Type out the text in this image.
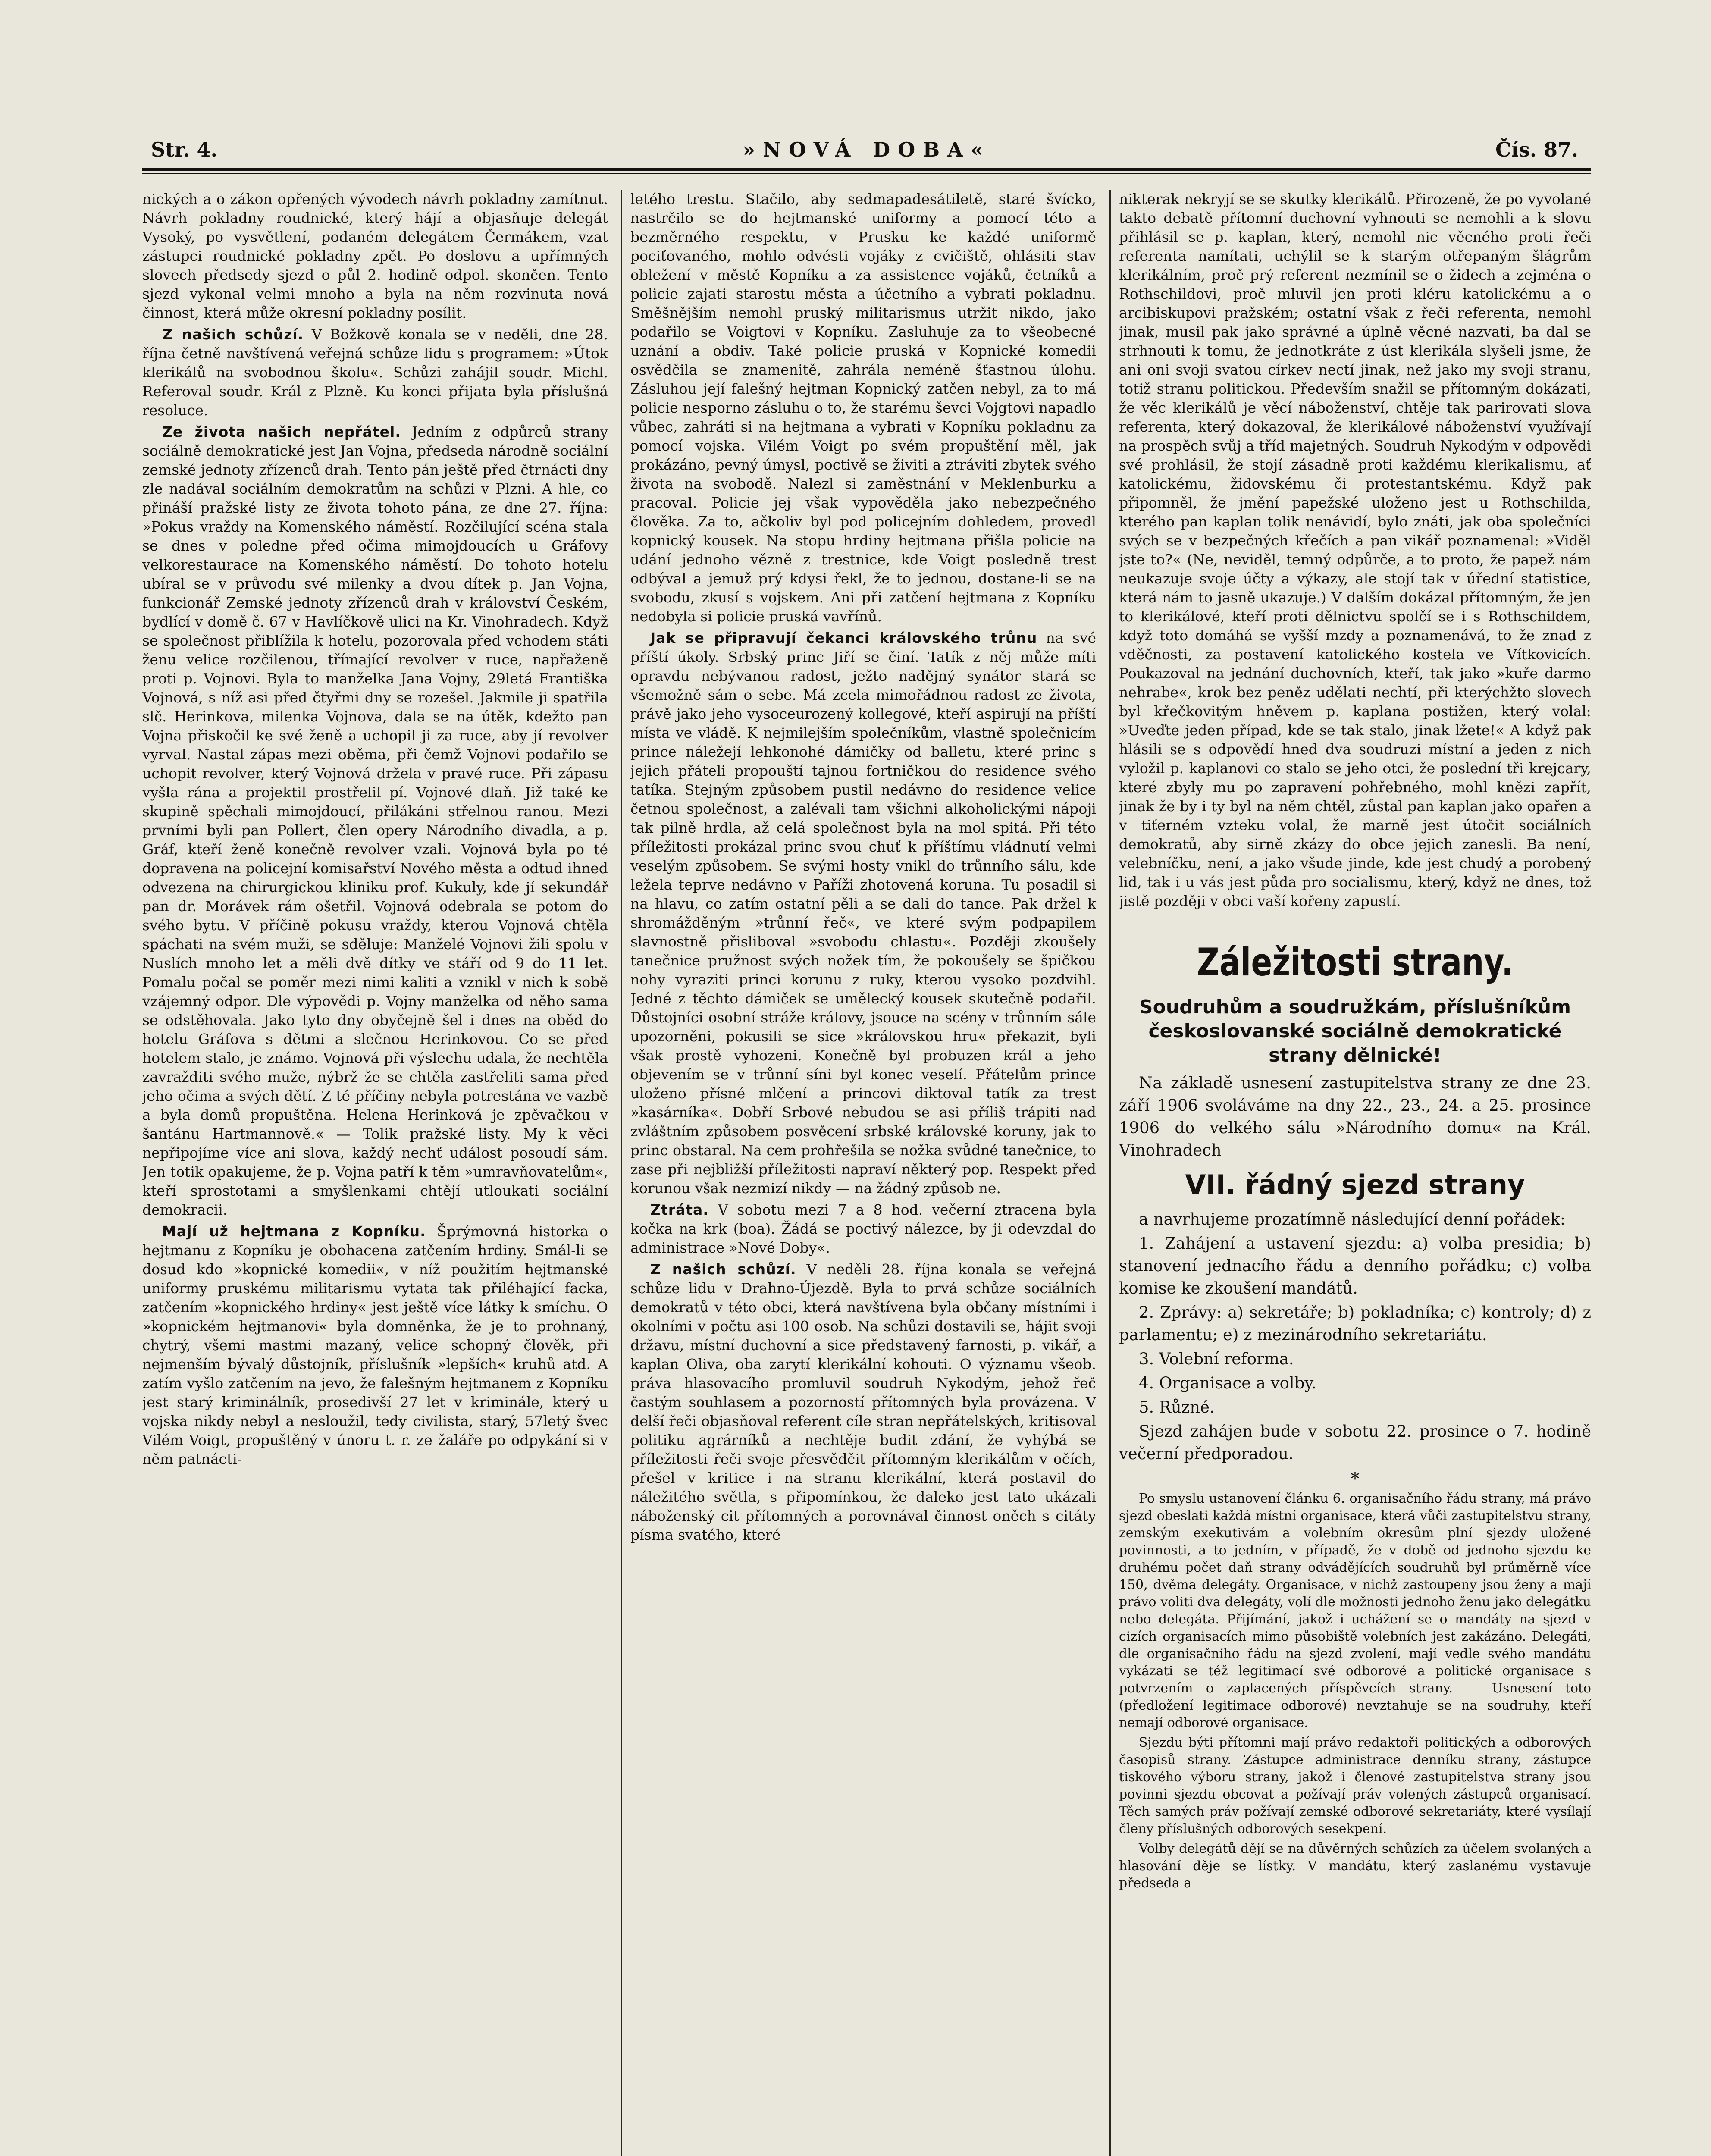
»NOVÁ DOBA«
Str. 4.	Čís. 87.

nických a o zákon opřených vývodech návrh pokladny zamítnut. Návrh pokladny roudnické, který hájí a objasňuje delegát Vysoký, po vysvětlení, podaném delegátem Čermákem, vzat zástupci roudnické pokladny zpět. Po doslovu a upřímných slovech předsedy sjezd o půl 2. hodině odpol. skončen. Tento sjezd vykonal velmi mnoho a byla na něm rozvinuta nová činnost, která může okresní pokladny posílit.

Z našich schůzí. V Božkově konala se v neděli, dne 28. října četně navštívená veřejná schůze lidu s programem: »Útok klerikálů na svobodnou školu«. Schůzi zahájil soudr. Michl. Referoval soudr. Král z Plzně. Ku konci přijata byla příslušná resoluce.

Ze života našich nepřátel. Jedním z odpůrců strany sociálně demokratické jest Jan Vojna, předseda národně sociální zemské jednoty zřízenců drah. Tento pán ještě před čtrnácti dny zle nadával sociálním demokratům na schůzi v Plzni. A hle, co přináší pražské listy ze života tohoto pána, ze dne 27. října: »Pokus vraždy na Komenského náměstí. Rozčilující scéna stala se dnes v poledne před očima mimojdoucích u Gráfovy velkorestaurace na Komenského náměstí. Do tohoto hotelu ubíral se v průvodu své milenky a dvou dítek p. Jan Vojna, funkcionář Zemské jednoty zřízenců drah v království Českém, bydlící v domě č. 67 v Havlíčkově ulici na Kr. Vinohradech. Když se společnost přiblížila k hotelu, pozorovala před vchodem státi ženu velice rozčilenou, třímající revolver v ruce, napřaženě proti p. Vojnovi. Byla to manželka Jana Vojny, 29letá Františka Vojnová, s níž asi před čtyřmi dny se rozešel. Jakmile ji spatřila slč. Herinkova, milenka Vojnova, dala se na útěk, kdežto pan Vojna přiskočil ke své ženě a uchopil ji za ruce, aby jí revolver vyrval. Nastal zápas mezi oběma, při čemž Vojnovi podařilo se uchopit revolver, který Vojnová držela v pravé ruce. Při zápasu vyšla rána a projektil prostřelil pí. Vojnové dlaň. Již také ke skupině spěchali mimojdoucí, přilákáni střelnou ranou. Mezi prvními byli pan Pollert, člen opery Národního divadla, a p. Gráf, kteří ženě konečně revolver vzali. Vojnová byla po té dopravena na policejní komisařství Nového města a odtud ihned odvezena na chirurgickou kliniku prof. Kukuly, kde jí sekundář pan dr. Morávek rám ošetřil. Vojnová odebrala se potom do svého bytu. V příčině pokusu vraždy, kterou Vojnová chtěla spáchati na svém muži, se sděluje: Manželé Vojnovi žili spolu v Nuslích mnoho let a měli dvě dítky ve stáří od 9 do 11 let. Pomalu počal se poměr mezi nimi kaliti a vznikl v nich k sobě vzájemný odpor. Dle výpovědi p. Vojny manželka od něho sama se odstěhovala. Jako tyto dny obyčejně šel i dnes na oběd do hotelu Gráfova s dětmi a slečnou Herinkovou. Co se před hotelem stalo, je známo. Vojnová při výslechu udala, že nechtěla zavražditi svého muže, nýbrž že se chtěla zastřeliti sama před jeho očima a svých dětí. Z té příčiny nebyla potrestána ve vazbě a byla domů propuštěna. Helena Herinková je zpěvačkou v šantánu Hartmannově.« — Tolik pražské listy. My k věci nepřipojíme více ani slova, každý nechť událost posoudí sám. Jen totik opakujeme, že p. Vojna patří k těm »umravňovatelům«, kteří sprostotami a smyšlenkami chtějí utloukati sociální demokracii.

Mají už hejtmana z Kopníku. Šprýmovná historka o hejtmanu z Kopníku je obohacena zatčením hrdiny. Smál-li se dosud kdo »kopnické komedii«, v níž použitím hejtmanské uniformy pruskému militarismu vytata tak přiléhající facka, zatčením »kopnického hrdiny« jest ještě více látky k smíchu. O »kopnickém hejtmanovi« byla domněnka, že je to prohnaný, chytrý, všemi mastmi mazaný, velice schopný člověk, při nejmenším bývalý důstojník, příslušník »lepších« kruhů atd. A zatím vyšlo zatčením na jevo, že falešným hejtmanem z Kopníku jest starý kriminálník, prosedivší 27 let v kriminále, který u vojska nikdy nebyl a nesloužil, tedy civilista, starý, 57letý švec Vilém Voigt, propuštěný v únoru t. r. ze žaláře po odpykání si v něm patnácti-

letého trestu. Stačilo, aby sedmapadesátiletě, staré švícko, nastrčilo se do hejtmanské uniformy a pomocí této a bezměrného respektu, v Prusku ke každé uniformě pociťovaného, mohlo odvésti vojáky z cvičiště, ohlásiti stav obležení v městě Kopníku a za assistence vojáků, četníků a policie zajati starostu města a účetního a vybrati pokladnu. Směšnějším nemohl pruský militarismus utržit nikdo, jako podařilo se Voigtovi v Kopníku. Zasluhuje za to všeobecné uznání a obdiv. Také policie pruská v Kopnické komedii osvědčila se znamenitě, zahrála neméně šťastnou úlohu. Zásluhou její falešný hejtman Kopnický zatčen nebyl, za to má policie nesporno zásluhu o to, že starému ševci Vojgtovi napadlo vůbec, zahráti si na hejtmana a vybrati v Kopníku pokladnu za pomocí vojska. Vilém Voigt po svém propuštění měl, jak prokázáno, pevný úmysl, poctivě se živiti a ztráviti zbytek svého života na svobodě. Nalezl si zaměstnání v Meklenburku a pracoval. Policie jej však vypověděla jako nebezpečného člověka. Za to, ačkoliv byl pod policejním dohledem, provedl kopnický kousek. Na stopu hrdiny hejtmana přišla policie na udání jednoho vězně z trestnice, kde Voigt posledně trest odbýval a jemuž prý kdysi řekl, že to jednou, dostane-li se na svobodu, zkusí s vojskem. Ani při zatčení hejtmana z Kopníku nedobyla si policie pruská vavřínů.

Jak se připravují čekanci královského trůnu na své příští úkoly. Srbský princ Jiří se činí. Tatík z něj může míti opravdu nebývanou radost, ježto nadějný synátor stará se všemožně sám o sebe. Má zcela mimořádnou radost ze života, právě jako jeho vysoceurozený kollegové, kteří aspirují na příští místa ve vládě. K nejmilejším společníkům, vlastně společnicím prince náležejí lehkonohé dámičky od balletu, které princ s jejich přáteli propouští tajnou fortničkou do residence svého tatíka. Stejným způsobem pustil nedávno do residence velice četnou společnost, a zalévali tam všichni alkoholickými nápoji tak pilně hrdla, až celá společnost byla na mol spitá. Při této příležitosti prokázal princ svou chuť k příštímu vládnutí velmi veselým způsobem. Se svými hosty vnikl do trůnního sálu, kde ležela teprve nedávno v Paříži zhotovená koruna. Tu posadil si na hlavu, co zatím ostatní pěli a se dali do tance. Pak držel k shromážděným »trůnní řeč«, ve které svým podpapilem slavnostně přisliboval »svobodu chlastu«. Později zkoušely tanečnice pružnost svých nožek tím, že pokoušely se špičkou nohy vyraziti princi korunu z ruky, kterou vysoko pozdvihl. Jedné z těchto dámiček se umělecký kousek skutečně podařil. Důstojníci osobní stráže královy, jsouce na scény v trůnním sále upozorněni, pokusili se sice »královskou hru« překazit, byli však prostě vyhozeni. Konečně byl probuzen král a jeho objevením se v trůnní síni byl konec veselí. Přátelům prince uloženo přísné mlčení a princovi diktoval tatík za trest »kasárníka«. Dobří Srbové nebudou se asi příliš trápiti nad zvláštním způsobem posvěcení srbské královské koruny, jak to princ obstaral. Na cem prohřešila se nožka svůdné tanečnice, to zase při nejbližší příležitosti napraví některý pop. Respekt před korunou však nezmizí nikdy — na žádný způsob ne.

Ztráta. V sobotu mezi 7 a 8 hod. večerní ztracena byla kočka na krk (boa). Žádá se poctivý nálezce, by ji odevzdal do administrace »Nové Doby«.

Z našich schůzí. V neděli 28. října konala se veřejná schůze lidu v Drahno-Újezdě. Byla to prvá schůze sociálních demokratů v této obci, která navštívena byla občany místními i okolními v počtu asi 100 osob. Na schůzi dostavili se, hájit svoji državu, místní duchovní a sice představený farnosti, p. vikář, a kaplan Oliva, oba zarytí klerikální kohouti. O významu všeob. práva hlasovacího promluvil soudruh Nykodým, jehož řeč častým souhlasem a pozorností přítomných byla provázena. V delší řeči objasňoval referent cíle stran nepřátelských, kritisoval politiku agrárníků a nechtěje budit zdání, že vyhýbá se příležitosti řeči svoje přesvědčit přítomným klerikálům v očích, přešel v kritice i na stranu klerikální, která postavil do náležitého světla, s připomínkou, že daleko jest tato ukázali náboženský cit přítomných a porovnával činnost oněch s citáty písma svatého, které

nikterak nekryjí se se skutky klerikálů. Přirozeně, že po vyvolané takto debatě přítomní duchovní vyhnouti se nemohli a k slovu přihlásil se p. kaplan, který, nemohl nic věcného proti řeči referenta namítati, uchýlil se k starým otřepaným šlágrům klerikálním, proč prý referent nezmínil se o židech a zejména o Rothschildovi, proč mluvil jen proti kléru katolickému a o arcibiskupovi pražském; ostatní však z řeči referenta, nemohl jinak, musil pak jako správné a úplně věcné nazvati, ba dal se strhnouti k tomu, že jednotkráte z úst klerikála slyšeli jsme, že ani oni svoji svatou církev nectí jinak, než jako my svoji stranu, totiž stranu politickou. Především snažil se přítomným dokázati, že věc klerikálů je věcí náboženství, chtěje tak parirovati slova referenta, který dokazoval, že klerikálové náboženství využívají na prospěch svůj a tříd majetných. Soudruh Nykodým v odpovědi své prohlásil, že stojí zásadně proti každému klerikalismu, ať katolickému, židovskému či protestantskému. Když pak připomněl, že jmění papežské uloženo jest u Rothschilda, kterého pan kaplan tolik nenávidí, bylo znáti, jak oba společníci svých se v bezpečných křečích a pan vikář poznamenal: »Viděl jste to?« (Ne, neviděl, temný odpůrče, a to proto, že papež nám neukazuje svoje účty a výkazy, ale stojí tak v úřední statistice, která nám to jasně ukazuje.) V dalším dokázal přítomným, že jen to klerikálové, kteří proti dělnictvu spolčí se i s Rothschildem, když toto domáhá se vyšší mzdy a poznamenává, to že znad z vděčnosti, za postavení katolického kostela ve Vítkovicích. Poukazoval na jednání duchovních, kteří, tak jako »kuře darmo nehrabe«, krok bez peněz udělati nechtí, při kterýchžto slovech byl křečkovitým hněvem p. kaplana postižen, který volal: »Uveďte jeden případ, kde se tak stalo, jinak lžete!« A když pak hlásili se s odpovědí hned dva soudruzi místní a jeden z nich vyložil p. kaplanovi co stalo se jeho otci, že poslední tři krejcary, které zbyly mu po zapravení pohřebného, mohl knězi zapřít, jinak že by i ty byl na něm chtěl, zůstal pan kaplan jako opařen a v tiťerném vzteku volal, že marně jest útočit sociálních demokratů, aby sirně zkázy do obce jejich zanesli. Ba není, velebníčku, není, a jako všude jinde, kde jest chudý a porobený lid, tak i u vás jest půda pro socialismu, který, když ne dnes, tož jistě později v obci vaší kořeny zapustí.

Záležitosti strany.
Soudruhům a soudružkám, příslušníkům českoslovanské sociálně demokratické strany dělnické!

Na základě usnesení zastupitelstva strany ze dne 23. září 1906 svoláváme na dny 22., 23., 24. a 25. prosince 1906 do velkého sálu »Národního domu« na Král. Vinohradech

VII. řádný sjezd strany

a navrhujeme prozatímně následující denní pořádek:

1. Zahájení a ustavení sjezdu: a) volba presidia; b) stanovení jednacího řádu a denního pořádku; c) volba komise ke zkoušení mandátů.

2. Zprávy: a) sekretáře; b) pokladníka; c) kontroly; d) z parlamentu; e) z mezinárodního sekretariátu.

3. Volební reforma.

4. Organisace a volby.

5. Různé.

Sjezd zahájen bude v sobotu 22. prosince o 7. hodině večerní předporadou.

*

Po smyslu ustanovení článku 6. organisačního řádu strany, má právo sjezd obeslati každá místní organisace, která vůči zastupitelstvu strany, zemským exekutivám a volebním okresům plní sjezdy uložené povinnosti, a to jedním, v případě, že v době od jednoho sjezdu ke druhému počet daň strany odvádějících soudruhů byl průměrně více 150, dvěma delegáty. Organisace, v nichž zastoupeny jsou ženy a mají právo voliti dva delegáty, volí dle možnosti jednoho ženu jako delegátku nebo delegáta. Přijímání, jakož i uchážení se o mandáty na sjezd v cizích organisacích mimo působiště volebních jest zakázáno. Delegáti, dle organisačního řádu na sjezd zvolení, mají vedle svého mandátu vykázati se též legitimací své odborové a politické organisace s potvrzením o zaplacených příspěvcích strany. — Usnesení toto (předložení legitimace odborové) nevztahuje se na soudruhy, kteří nemají odborové organisace.

Sjezdu býti přítomni mají právo redaktoři politických a odborových časopisů strany. Zástupce administrace denníku strany, zástupce tiskového výboru strany, jakož i členové zastupitelstva strany jsou povinni sjezdu obcovat a požívají práv volených zástupců organisací. Těch samých práv požívají zemské odborové sekretariáty, které vysílají členy příslušných odborových sesekpení.

Volby delegátů dějí se na důvěrných schůzích za účelem svolaných a hlasování děje se lístky. V mandátu, který zaslanému vystavuje předseda a
